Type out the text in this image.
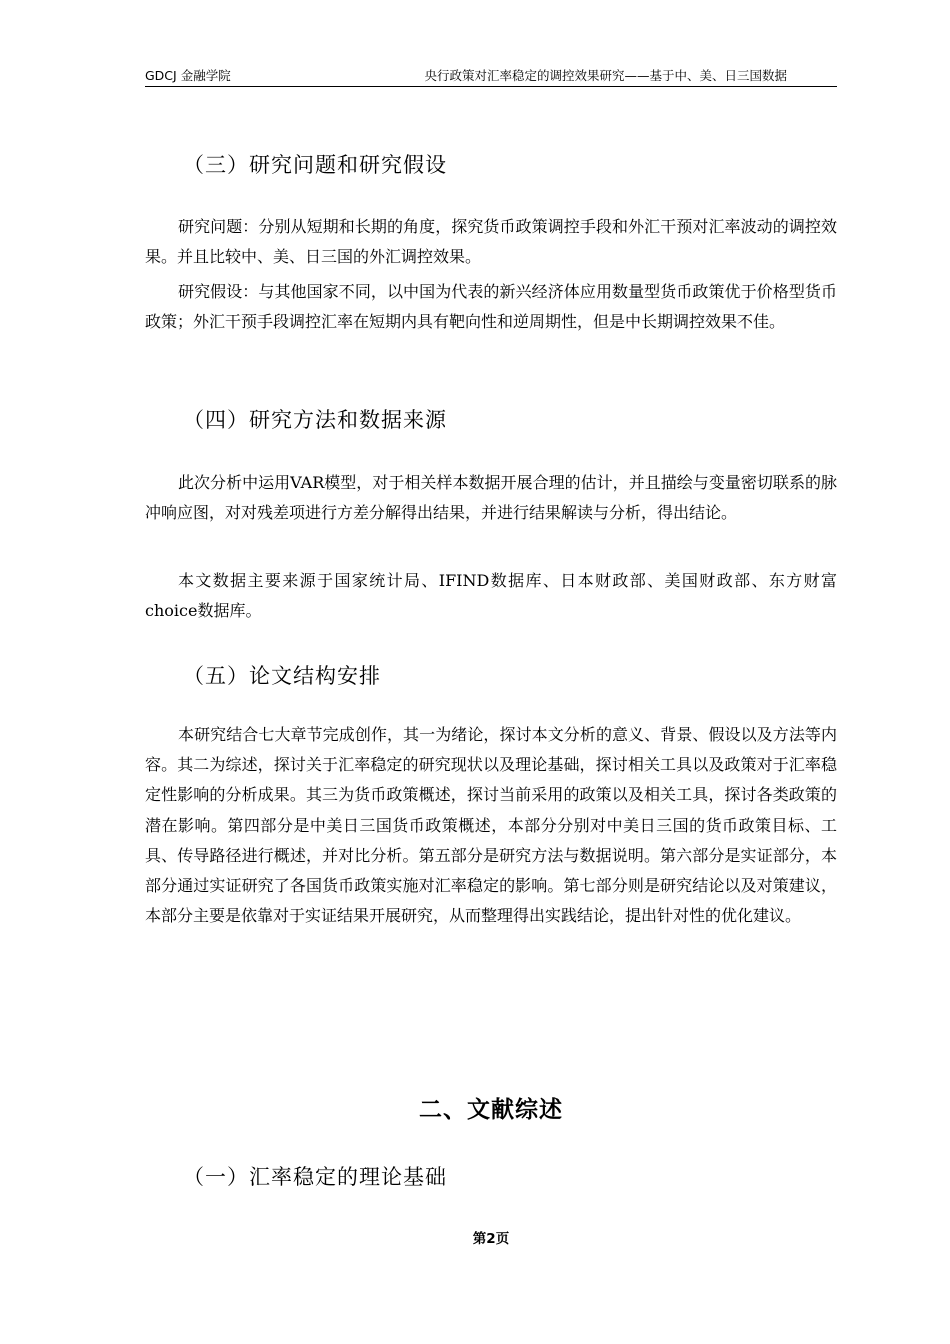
GDCJ 金融学院	央行政策对汇率稳定的调控效果研究——基于中、美、日三国数据
（三）研究问题和研究假设

研究问题：分别从短期和长期的角度，探究货币政策调控手段和外汇干预对汇率波动的调控效果。并且比较中、美、日三国的外汇调控效果。

研究假设：与其他国家不同，以中国为代表的新兴经济体应用数量型货币政策优于价格型货币政策；外汇干预手段调控汇率在短期内具有靶向性和逆周期性，但是中长期调控效果不佳。

（四）研究方法和数据来源

此次分析中运用VAR模型，对于相关样本数据开展合理的估计，并且描绘与变量密切联系的脉冲响应图，对对残差项进行方差分解得出结果，并进行结果解读与分析，得出结论。

本文数据主要来源于国家统计局、IFIND数据库、日本财政部、美国财政部、东方财富choice数据库。

（五）论文结构安排

本研究结合七大章节完成创作，其一为绪论，探讨本文分析的意义、背景、假设以及方法等内容。其二为综述，探讨关于汇率稳定的研究现状以及理论基础，探讨相关工具以及政策对于汇率稳定性影响的分析成果。其三为货币政策概述，探讨当前采用的政策以及相关工具，探讨各类政策的潜在影响。第四部分是中美日三国货币政策概述，本部分分别对中美日三国的货币政策目标、工具、传导路径进行概述，并对比分析。第五部分是研究方法与数据说明。第六部分是实证部分，本部分通过实证研究了各国货币政策实施对汇率稳定的影响。第七部分则是研究结论以及对策建议，本部分主要是依靠对于实证结果开展研究，从而整理得出实践结论，提出针对性的优化建议。

二、文献综述
（一）汇率稳定的理论基础
第2页
